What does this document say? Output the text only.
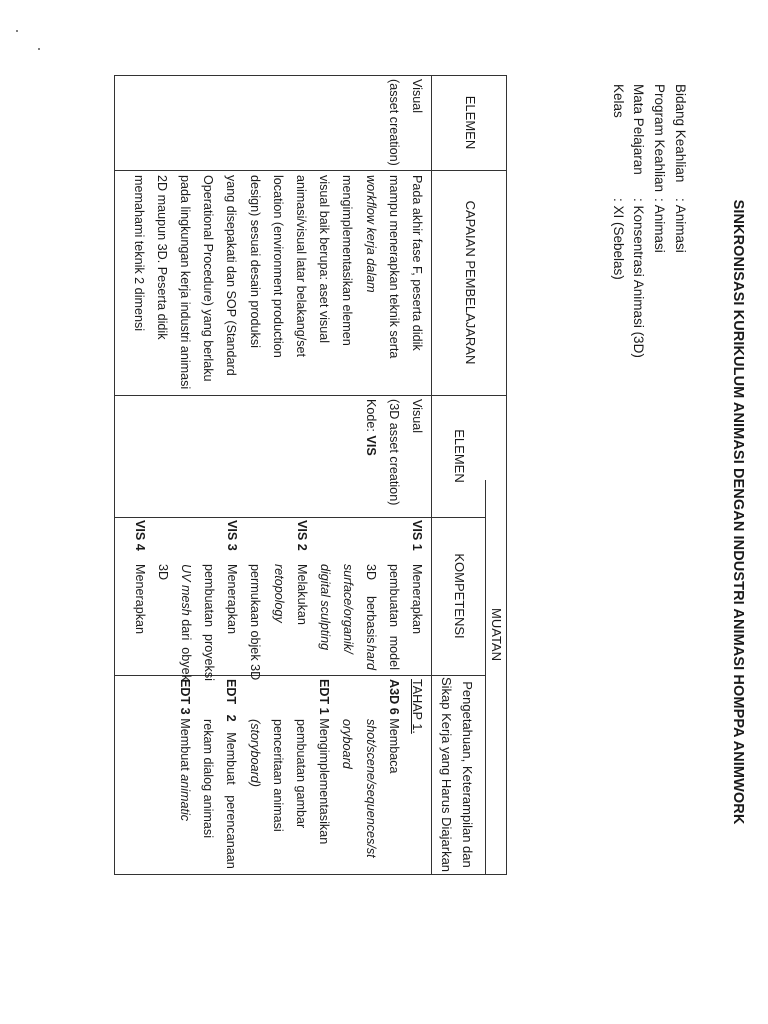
SINKRONISASI KURIKULUM ANIMASI DENGAN INDUSTRI ANIMASI HOMPPA ANIMWORK
Bidang Keahlian
: Animasi
Program Keahlian
: Animasi
Mata Pelajaran
: Konsentrasi Animasi (3D)
Kelas
: XI (Sebelas)
ELEMEN
CAPAIAN PEMBELAJARAN
MUATAN
ELEMEN
KOMPETENSI
Pengetahuan, Keterampilan dan
Sikap Kerja yang Harus Diajarkan
Visual
(asset creation)
Pada akhir fase F, peserta didik
mampu menerapkan teknik serta
workflow kerja dalam
mengimplementasikan elemen
visual baik berupa: aset visual
animasi/visual latar belakang/set
location (environment production
design) sesuai desain produksi
yang disepakati dan SOP (Standard
Operational Procedure) yang berlaku
pada lingkungan kerja industri animasi
2D maupun 3D. Peserta didik
memahami teknik 2 dimensi
Visual
(3D asset creation)
Kode: VIS
VIS 1
Menerapkan
pembuatan
model
3D
berbasis
hard
surface/organik/
digital sculpting
VIS 2
Melakukan
retopology
permukaan objek 3D
VIS 3
Menerapkan
pembuatan  proyeksi
UV mesh dari  obyek
3D
VIS 4
Menerapkan
TAHAP 1.
A3D 6 Membaca
shot/scene/sequences/st
oryboard
EDT 1 Mengimplementasikan
pembuatan gambar
penceritaan animasi
(storyboard)
EDT   2   Membuat   perencanaan
rekam dialog animasi
EDT 3 Membuat animatic
